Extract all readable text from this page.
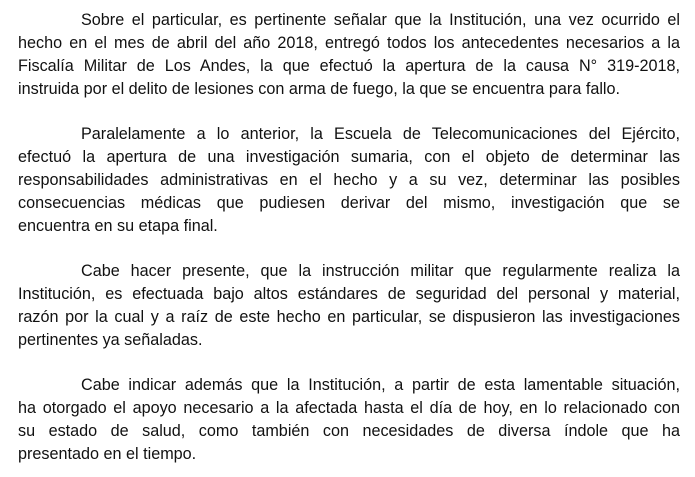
Sobre el particular, es pertinente señalar que la Institución, una vez ocurrido el
hecho en el mes de abril del año 2018, entregó todos los antecedentes necesarios a la
Fiscalía Militar de Los Andes, la que efectuó la apertura de la causa N° 319-2018,
instruida por el delito de lesiones con arma de fuego, la que se encuentra para fallo.
Paralelamente a lo anterior, la Escuela de Telecomunicaciones del Ejército,
efectuó la apertura de una investigación sumaria, con el objeto de determinar las
responsabilidades administrativas en el hecho y a su vez, determinar las posibles
consecuencias médicas que pudiesen derivar del mismo, investigación que se
encuentra en su etapa final.
Cabe hacer presente, que la instrucción militar que regularmente realiza la
Institución, es efectuada bajo altos estándares de seguridad del personal y material,
razón por la cual y a raíz de este hecho en particular, se dispusieron las investigaciones
pertinentes ya señaladas.
Cabe indicar además que la Institución, a partir de esta lamentable situación,
ha otorgado el apoyo necesario a la afectada hasta el día de hoy, en lo relacionado con
su estado de salud, como también con necesidades de diversa índole que ha
presentado en el tiempo.
